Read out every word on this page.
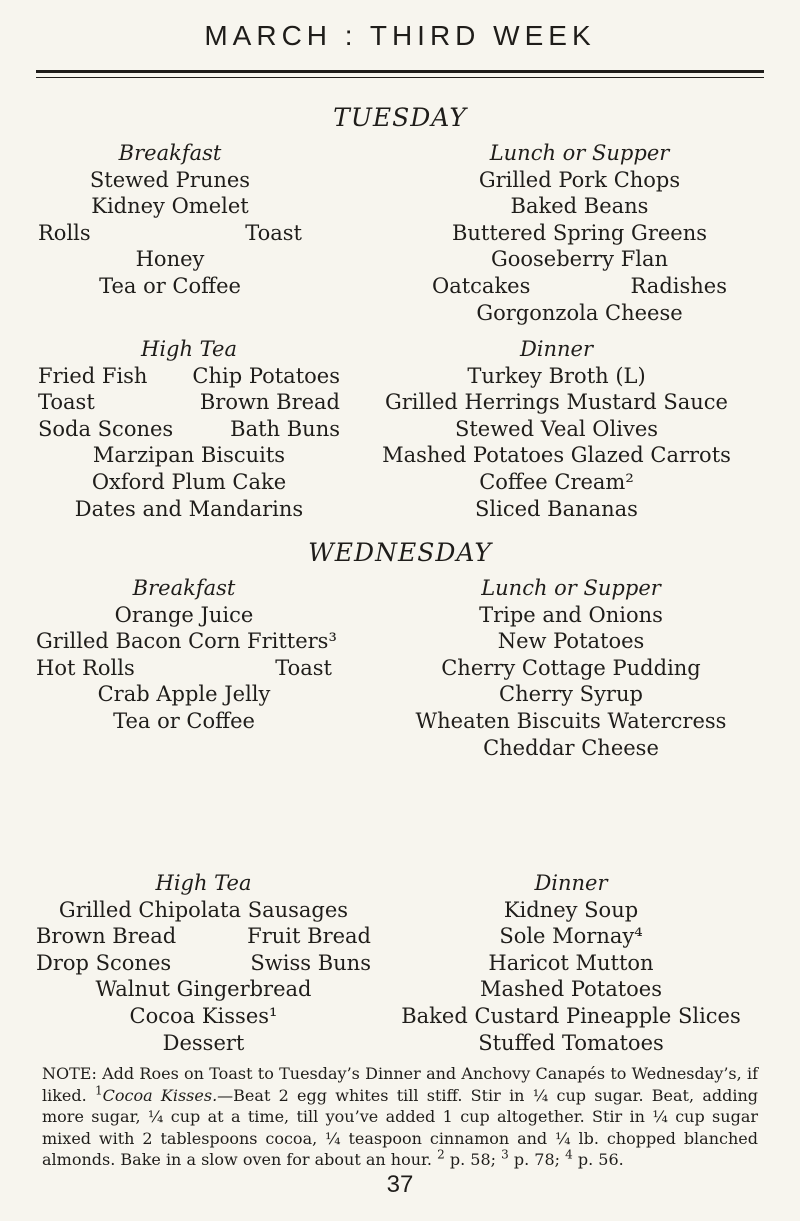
MARCH : THIRD WEEK
TUESDAY
Breakfast
Stewed Prunes
Kidney Omelet
Rolls	Toast
Honey
Tea or Coffee
Lunch or Supper
Grilled Pork Chops
Baked Beans
Buttered Spring Greens
Gooseberry Flan
Oatcakes	Radishes
Gorgonzola Cheese
High Tea
Fried Fish Chip Potatoes
Toast	Brown Bread
Soda Scones	Bath Buns
Marzipan Biscuits
Oxford Plum Cake
Dates and Mandarins
Dinner
Turkey Broth (L)
Grilled Herrings Mustard Sauce
Stewed Veal Olives
Mashed Potatoes Glazed Carrots
Coffee Cream²
Sliced Bananas
WEDNESDAY
Breakfast
Orange Juice
Grilled Bacon Corn Fritters³
Hot Rolls	Toast
Crab Apple Jelly
Tea or Coffee
Lunch or Supper
Tripe and Onions
New Potatoes
Cherry Cottage Pudding
Cherry Syrup
Wheaten Biscuits Watercress
Cheddar Cheese
High Tea
Grilled Chipolata Sausages
Brown Bread	Fruit Bread
Drop Scones	Swiss Buns
Walnut Gingerbread
Cocoa Kisses¹
Dessert
Dinner
Kidney Soup
Sole Mornay⁴
Haricot Mutton
Mashed Potatoes
Baked Custard Pineapple Slices
Stuffed Tomatoes
NOTE: Add Roes on Toast to Tuesday’s Dinner and Anchovy Canapés to Wednesday’s, if liked. $^1$Cocoa Kisses.—Beat 2 egg whites till stiff. Stir in ¼ cup sugar. Beat, adding more sugar, ¼ cup at a time, till you’ve added 1 cup altogether. Stir in ¼ cup sugar mixed with 2 tablespoons cocoa, ¼ teaspoon cinnamon and ¼ lb. chopped blanched almonds. Bake in a slow oven for about an hour. $^2$ p. 58; $^3$ p. 78; $^4$ p. 56.
37
